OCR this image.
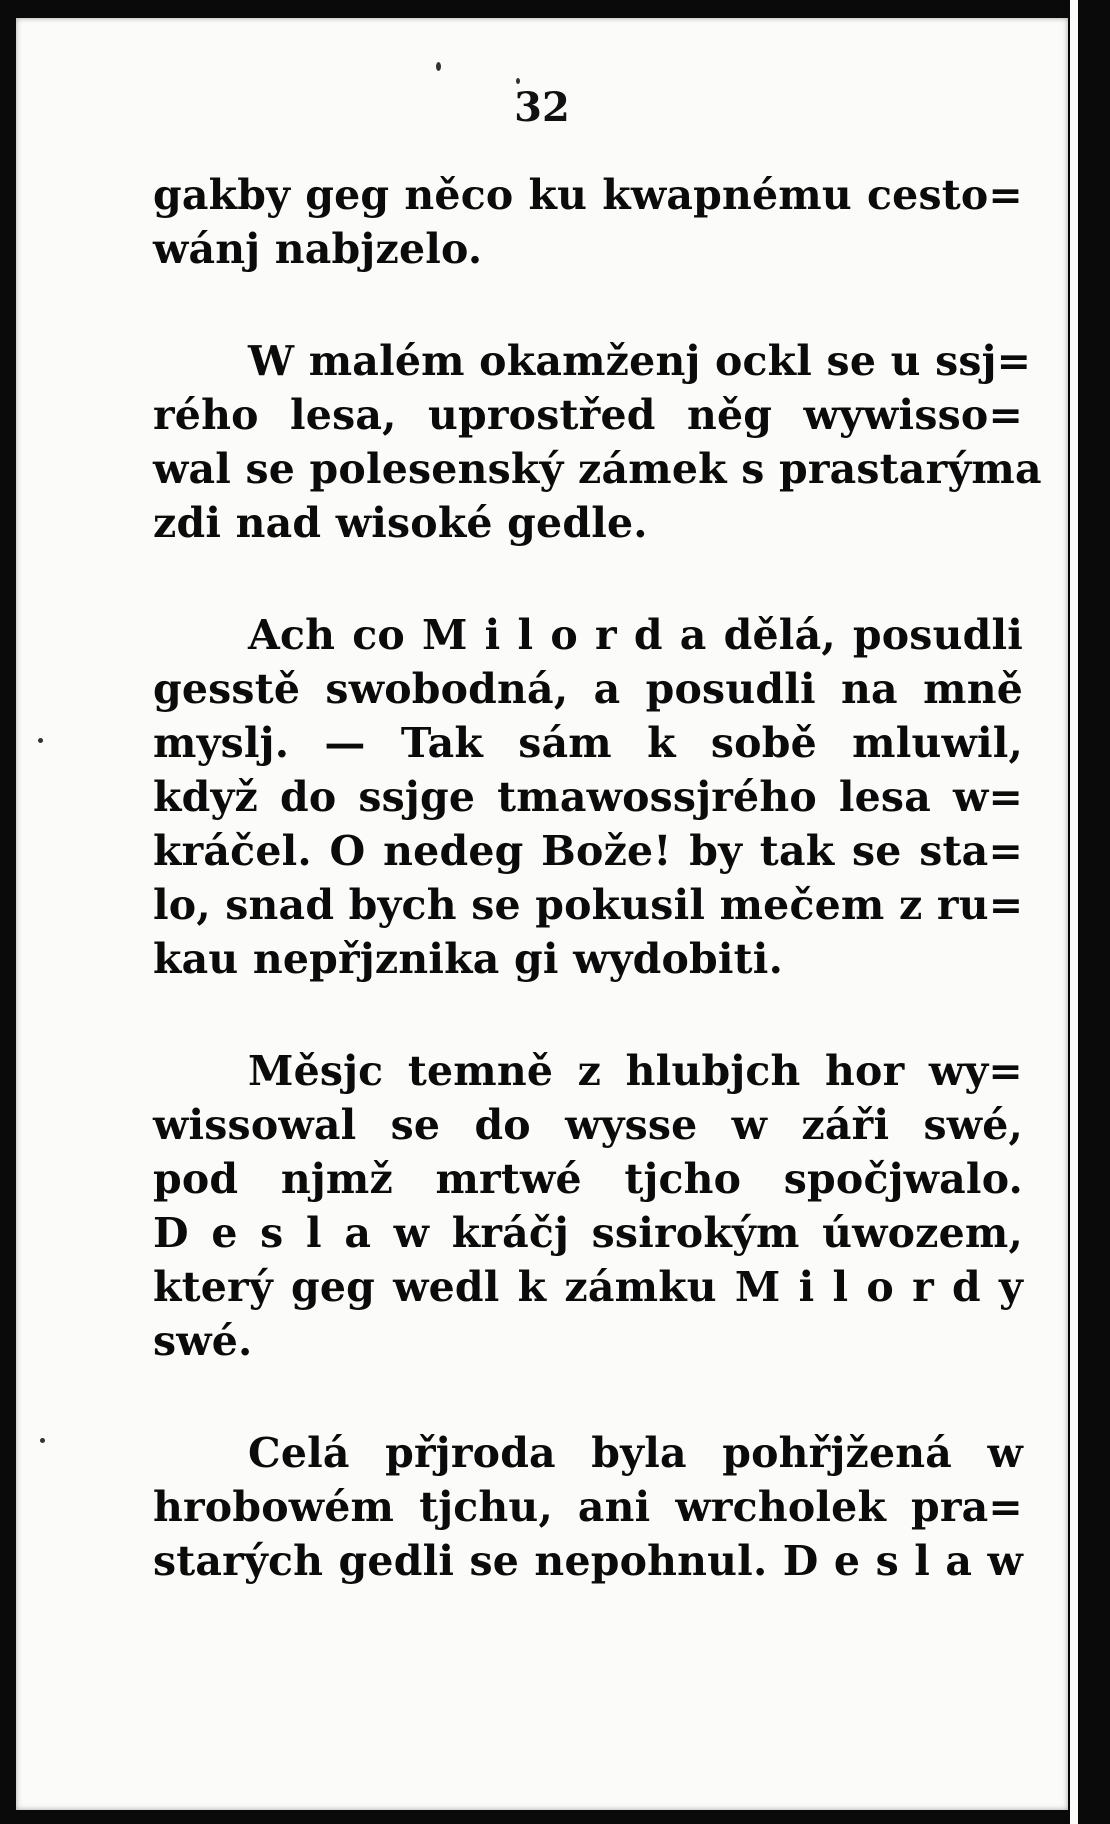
32

gakby geg něco ku kwapnému cesto=
wánj nabjzelo.

W malém okamženj ockl se u ssj=
rého lesa, uprostřed něg wywisso=
wal se polesenský zámek s prastarýma
zdi nad wisoké gedle.

Ach co M i l o r d a dělá, posudli
gesstě swobodná, a posudli na mně
myslj. — Tak sám k sobě mluwil,
když do ssjge tmawossjrého lesa w=
kráčel. O nedeg Bože! by tak se sta=
lo, snad bych se pokusil mečem z ru=
kau nepřjznika gi wydobiti.

Měsjc temně z hlubjch hor wy=
wissowal se do wysse w záři swé,
pod njmž mrtwé tjcho spočjwalo.
D e s l a w kráčj ssirokým úwozem,
který geg wedl k zámku M i l o r d y
swé.

Celá přjroda byla pohřjžená w
hrobowém tjchu, ani wrcholek pra=
starých gedli se nepohnul. D e s l a w
